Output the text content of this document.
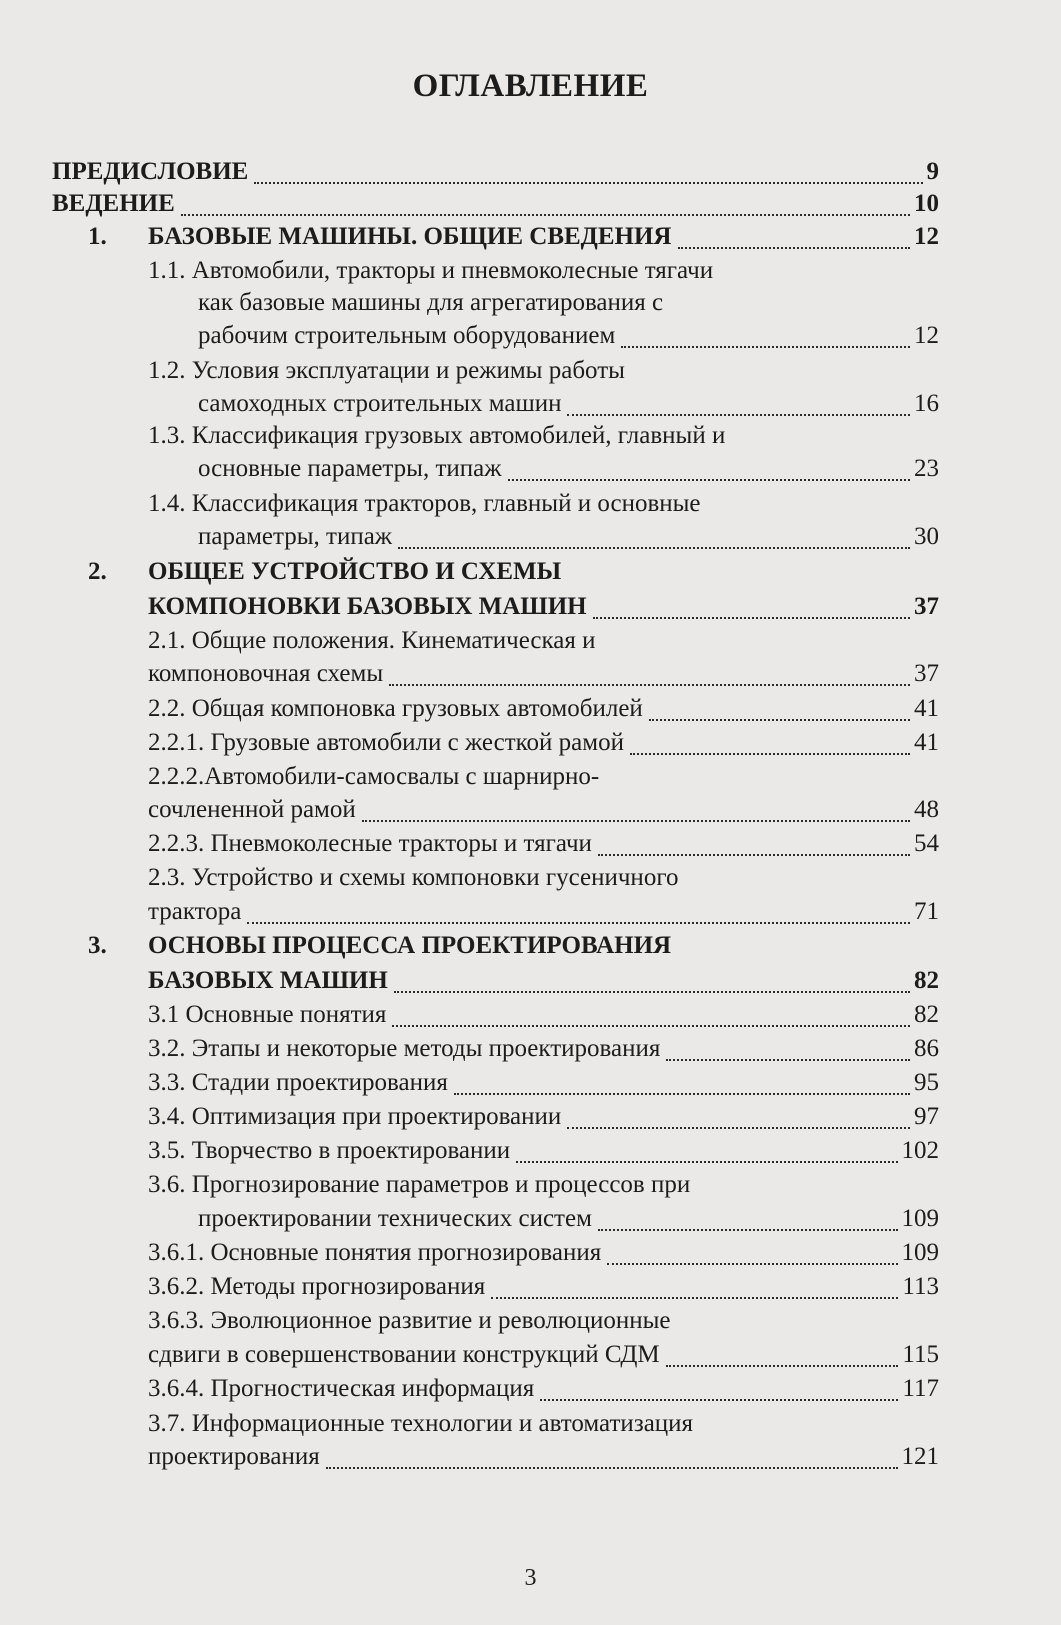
ОГЛАВЛЕНИЕ
ПРЕДИСЛОВИЕ	9
ВЕДЕНИЕ	10
1. БАЗОВЫЕ МАШИНЫ. ОБЩИЕ СВЕДЕНИЯ	12
1.1. Автомобили, тракторы и пневмоколесные тягачи
как базовые машины для агрегатирования с
рабочим строительным оборудованием	12
1.2. Условия эксплуатации и режимы работы
самоходных строительных машин	16
1.3. Классификация грузовых автомобилей, главный и
основные параметры, типаж	23
1.4. Классификация тракторов, главный и основные
параметры, типаж	30
2. ОБЩЕЕ УСТРОЙСТВО И СХЕМЫ
КОМПОНОВКИ БАЗОВЫХ МАШИН	37
2.1. Общие положения. Кинематическая и
компоновочная схемы	37
2.2. Общая компоновка грузовых автомобилей	41
2.2.1. Грузовые автомобили с жесткой рамой	41
2.2.2.Автомобили-самосвалы с шарнирно-
сочлененной рамой	48
2.2.3. Пневмоколесные тракторы и тягачи	54
2.3. Устройство и схемы компоновки гусеничного
трактора	71
3. ОСНОВЫ ПРОЦЕССА ПРОЕКТИРОВАНИЯ
БАЗОВЫХ МАШИН	82
3.1 Основные понятия	82
3.2. Этапы и некоторые методы проектирования	86
3.3. Стадии проектирования	95
3.4. Оптимизация при проектировании	97
3.5. Творчество в проектировании	102
3.6. Прогнозирование параметров и процессов при
проектировании технических систем	109
3.6.1. Основные понятия прогнозирования	109
3.6.2. Методы прогнозирования	113
3.6.3. Эволюционное развитие и революционные
сдвиги в совершенствовании конструкций СДМ	115
3.6.4. Прогностическая информация	117
3.7. Информационные технологии и автоматизация
проектирования	121
3
